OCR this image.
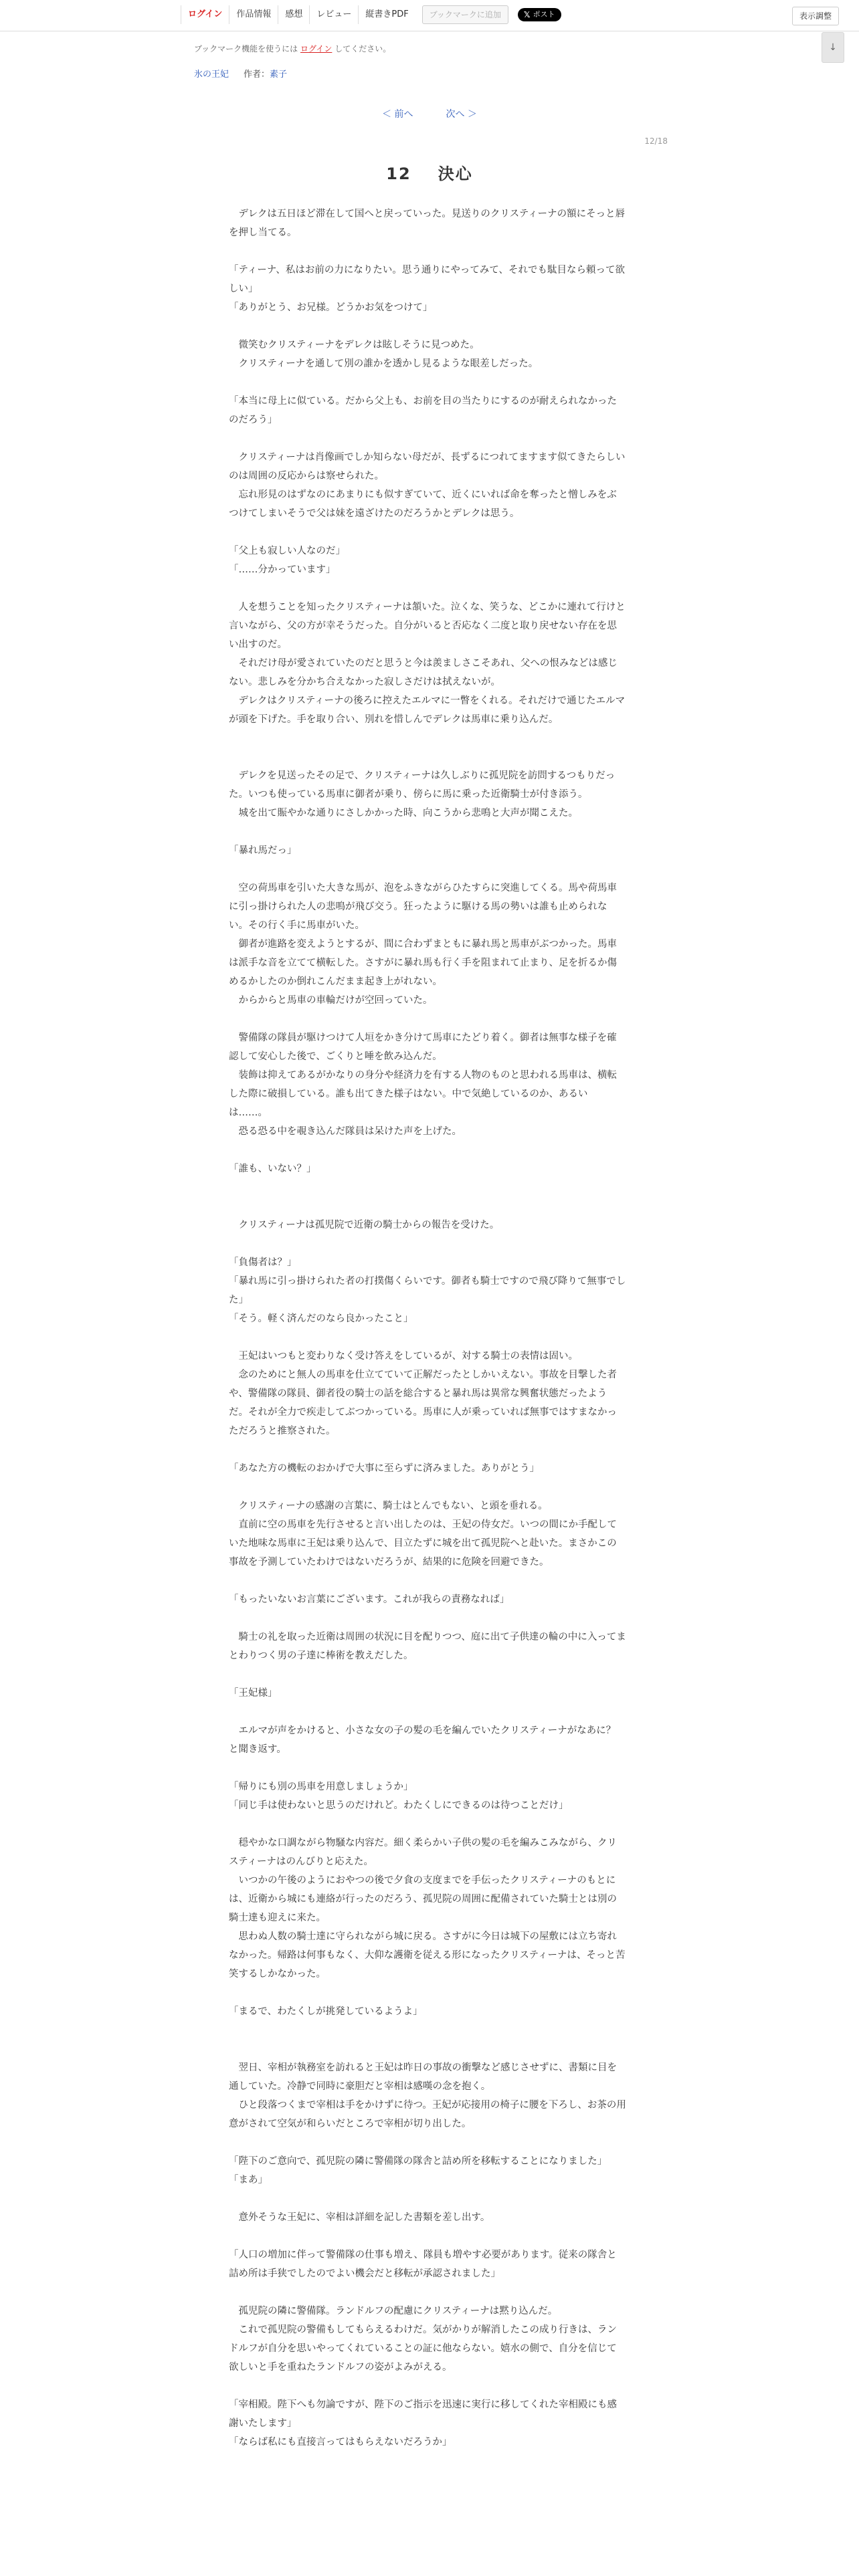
ログイン	作品情報	感想	レビュー	縦書きPDF	ブックマークに追加	𝕏 ポスト	表示調整
ブックマーク機能を使うには ログイン してください。	↓
氷の王妃 作者：素子
＜ 前へ	次へ ＞
12/18
12 決心

　デレクは五日ほど滞在して国へと戻っていった。見送りのクリスティーナの額にそっと唇を押し当てる。

「ティーナ、私はお前の力になりたい。思う通りにやってみて、それでも駄目なら頼って欲しい」

「ありがとう、お兄様。どうかお気をつけて」

　微笑むクリスティーナをデレクは眩しそうに見つめた。

　クリスティーナを通して別の誰かを透かし見るような眼差しだった。

「本当に母上に似ている。だから父上も、お前を目の当たりにするのが耐えられなかったのだろう」

　クリスティーナは肖像画でしか知らない母だが、長ずるにつれてますます似てきたらしいのは周囲の反応からは察せられた。

　忘れ形見のはずなのにあまりにも似すぎていて、近くにいれば命を奪ったと憎しみをぶつけてしまいそうで父は妹を遠ざけたのだろうかとデレクは思う。

「父上も寂しい人なのだ」

「……分かっています」

　人を想うことを知ったクリスティーナは頷いた。泣くな、笑うな、どこかに連れて行けと言いながら、父の方が幸そうだった。自分がいると否応なく二度と取り戻せない存在を思い出すのだ。

　それだけ母が愛されていたのだと思うと今は羨ましさこそあれ、父への恨みなどは感じない。悲しみを分かち合えなかった寂しさだけは拭えないが。

　デレクはクリスティーナの後ろに控えたエルマに一瞥をくれる。それだけで通じたエルマが頭を下げた。手を取り合い、別れを惜しんでデレクは馬車に乗り込んだ。

　デレクを見送ったその足で、クリスティーナは久しぶりに孤児院を訪問するつもりだった。いつも使っている馬車に御者が乗り、傍らに馬に乗った近衛騎士が付き添う。

　城を出て賑やかな通りにさしかかった時、向こうから悲鳴と大声が聞こえた。

「暴れ馬だっ」

　空の荷馬車を引いた大きな馬が、泡をふきながらひたすらに突進してくる。馬や荷馬車に引っ掛けられた人の悲鳴が飛び交う。狂ったように駆ける馬の勢いは誰も止められない。その行く手に馬車がいた。

　御者が進路を変えようとするが、間に合わずまともに暴れ馬と馬車がぶつかった。馬車は派手な音を立てて横転した。さすがに暴れ馬も行く手を阻まれて止まり、足を折るか傷めるかしたのか倒れこんだまま起き上がれない。

　からからと馬車の車輪だけが空回っていた。

　警備隊の隊員が駆けつけて人垣をかき分けて馬車にたどり着く。御者は無事な様子を確認して安心した後で、ごくりと唾を飲み込んだ。

　装飾は抑えてあるがかなりの身分や経済力を有する人物のものと思われる馬車は、横転した際に破損している。誰も出てきた様子はない。中で気絶しているのか、あるいは……。

　恐る恐る中を覗き込んだ隊員は呆けた声を上げた。

「誰も、いない？」

　クリスティーナは孤児院で近衛の騎士からの報告を受けた。

「負傷者は？」

「暴れ馬に引っ掛けられた者の打撲傷くらいです。御者も騎士ですので飛び降りて無事でした」

「そう。軽く済んだのなら良かったこと」

　王妃はいつもと変わりなく受け答えをしているが、対する騎士の表情は固い。

　念のためにと無人の馬車を仕立てていて正解だったとしかいえない。事故を目撃した者や、警備隊の隊員、御者役の騎士の話を総合すると暴れ馬は異常な興奮状態だったようだ。それが全力で疾走してぶつかっている。馬車に人が乗っていれば無事ではすまなかっただろうと推察された。

「あなた方の機転のおかげで大事に至らずに済みました。ありがとう」

　クリスティーナの感謝の言葉に、騎士はとんでもない、と頭を垂れる。

　直前に空の馬車を先行させると言い出したのは、王妃の侍女だ。いつの間にか手配していた地味な馬車に王妃は乗り込んで、目立たずに城を出て孤児院へと赴いた。まさかこの事故を予測していたわけではないだろうが、結果的に危険を回避できた。

「もったいないお言葉にございます。これが我らの責務なれば」

　騎士の礼を取った近衛は周囲の状況に目を配りつつ、庭に出て子供達の輪の中に入ってまとわりつく男の子達に棒術を教えだした。

「王妃様」

　エルマが声をかけると、小さな女の子の髪の毛を編んでいたクリスティーナがなあに？　と聞き返す。

「帰りにも別の馬車を用意しましょうか」

「同じ手は使わないと思うのだけれど。わたくしにできるのは待つことだけ」

　穏やかな口調ながら物騒な内容だ。細く柔らかい子供の髪の毛を編みこみながら、クリスティーナはのんびりと応えた。

　いつかの午後のようにおやつの後で夕食の支度までを手伝ったクリスティーナのもとには、近衛から城にも連絡が行ったのだろう、孤児院の周囲に配備されていた騎士とは別の騎士達も迎えに来た。

　思わぬ人数の騎士達に守られながら城に戻る。さすがに今日は城下の屋敷には立ち寄れなかった。帰路は何事もなく、大仰な護衛を従える形になったクリスティーナは、そっと苦笑するしかなかった。

「まるで、わたくしが挑発しているようよ」

　翌日、宰相が執務室を訪れると王妃は昨日の事故の衝撃など感じさせずに、書類に目を通していた。冷静で同時に豪胆だと宰相は感嘆の念を抱く。

　ひと段落つくまで宰相は手をかけずに待つ。王妃が応接用の椅子に腰を下ろし、お茶の用意がされて空気が和らいだところで宰相が切り出した。

「陛下のご意向で、孤児院の隣に警備隊の隊舎と詰め所を移転することになりました」

「まあ」

　意外そうな王妃に、宰相は詳細を記した書類を差し出す。

「人口の増加に伴って警備隊の仕事も増え、隊員も増やす必要があります。従来の隊舎と詰め所は手狭でしたのでよい機会だと移転が承認されました」

　孤児院の隣に警備隊。ランドルフの配慮にクリスティーナは黙り込んだ。

　これで孤児院の警備もしてもらえるわけだ。気がかりが解消したこの成り行きは、ランドルフが自分を思いやってくれていることの証に他ならない。嬉水の側で、自分を信じて欲しいと手を重ねたランドルフの姿がよみがえる。

「宰相殿。陛下へも勿論ですが、陛下のご指示を迅速に実行に移してくれた宰相殿にも感謝いたします」

「ならば私にも直接言ってはもらえないだろうか」
